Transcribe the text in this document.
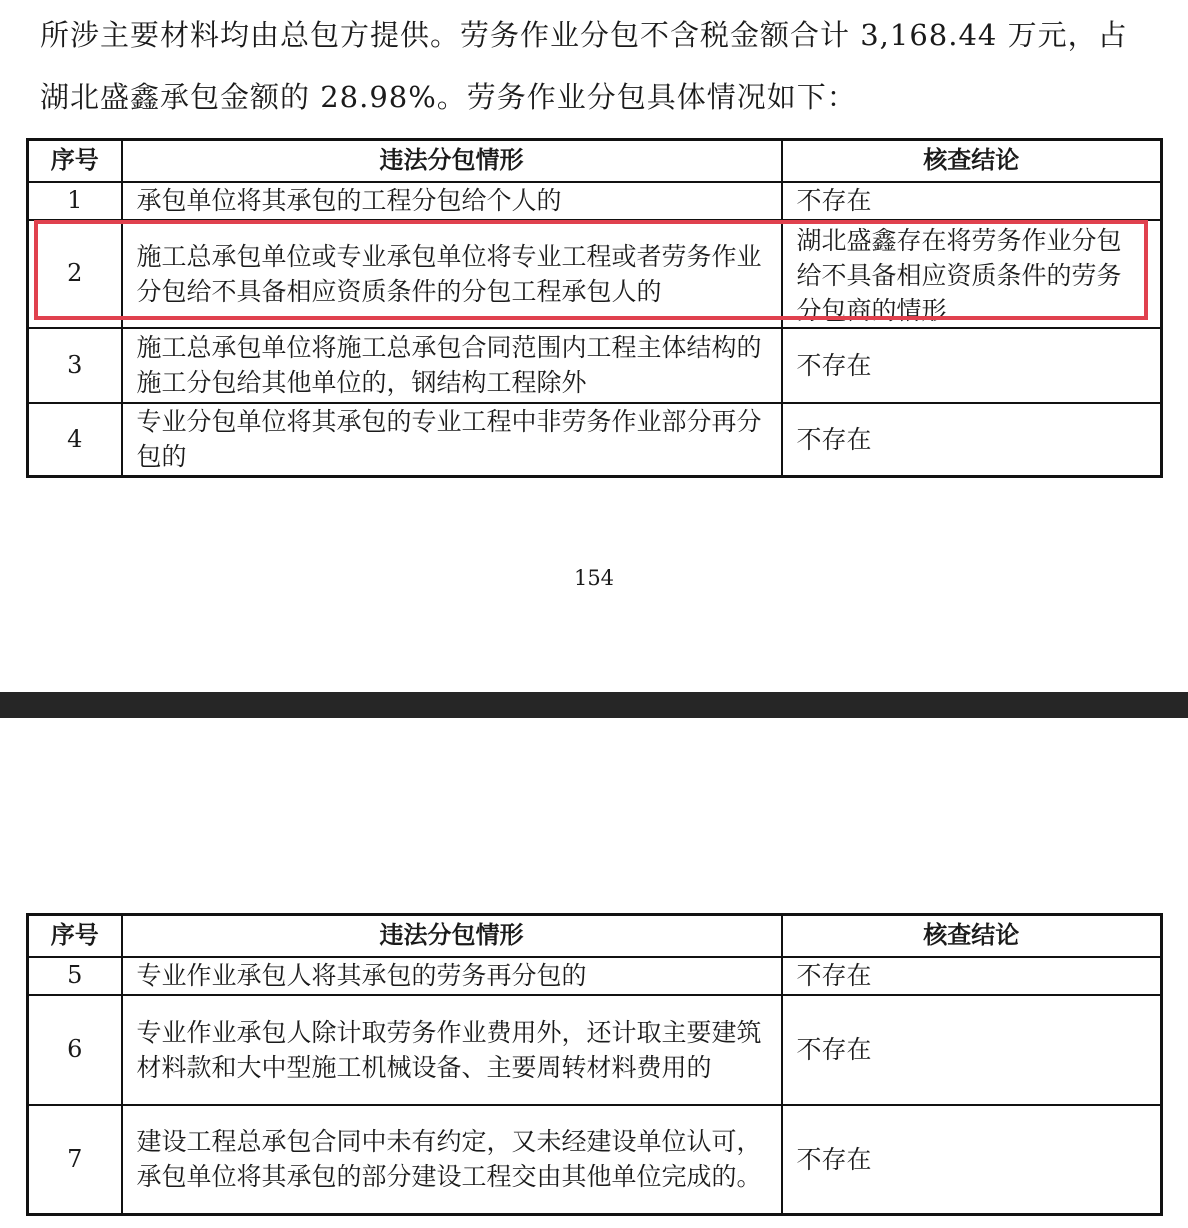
所涉主要材料均由总包方提供。劳务作业分包不含税金额合计 3,168.44 万元，占
湖北盛鑫承包金额的 28.98%。劳务作业分包具体情况如下：
序号	违法分包情形	核查结论
1	承包单位将其承包的工程分包给个人的	不存在
2	施工总承包单位或专业承包单位将专业工程或者劳务作业分包给不具备相应资质条件的分包工程承包人的	湖北盛鑫存在将劳务作业分包给不具备相应资质条件的劳务分包商的情形

3	施工总承包单位将施工总承包合同范围内工程主体结构的施工分包给其他单位的，钢结构工程除外	不存在
4	专业分包单位将其承包的专业工程中非劳务作业部分再分包的	不存在
154
序号	违法分包情形	核查结论
5	专业作业承包人将其承包的劳务再分包的	不存在
6	专业作业承包人除计取劳务作业费用外，还计取主要建筑材料款和大中型施工机械设备、主要周转材料费用的	不存在
7	建设工程总承包合同中未有约定，又未经建设单位认可，承包单位将其承包的部分建设工程交由其他单位完成的。	不存在
